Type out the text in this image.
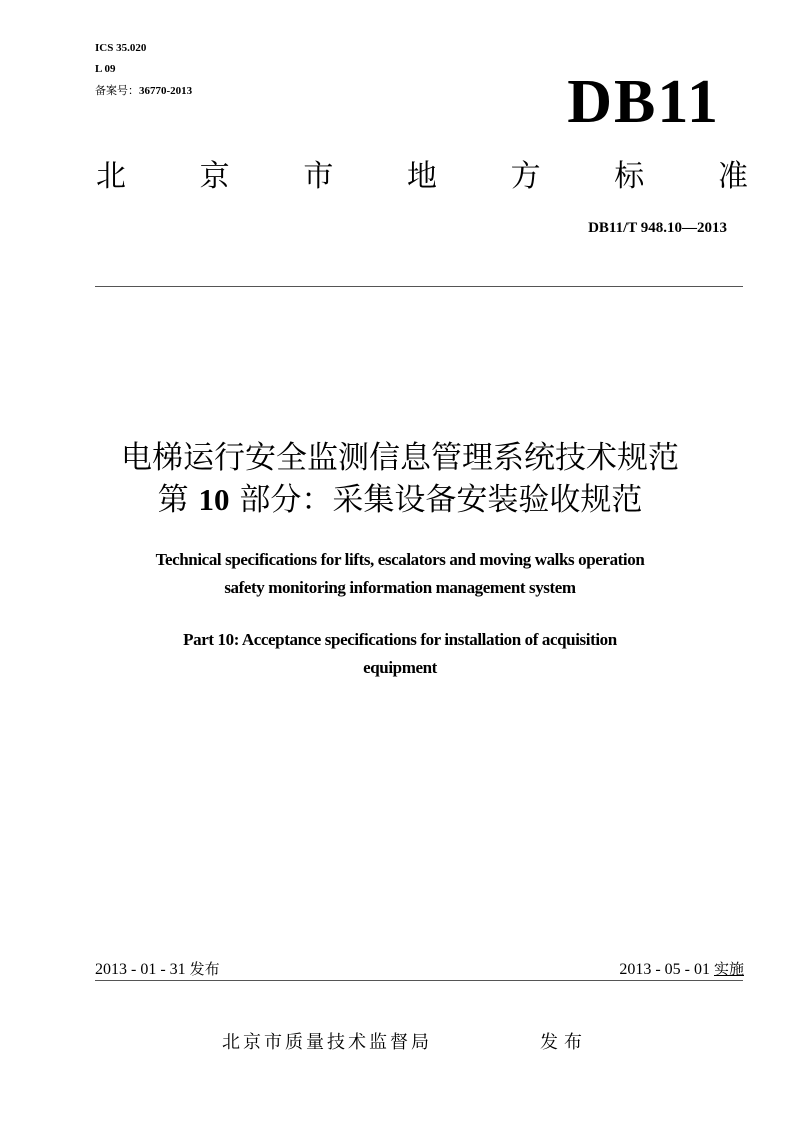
ICS 35.020
L 09
备案号：36770-2013	DB11
北 京 市 地 方 标 准
DB11/T 948.10—2013
电梯运行安全监测信息管理系统技术规范
第 10 部分：采集设备安装验收规范
Technical specifications for lifts, escalators and moving walks operation
safety monitoring information management system
Part 10: Acceptance specifications for installation of acquisition
equipment
2013 - 01 - 31 发布	2013 - 05 - 01 实施
北京市质量技术监督局	发布
